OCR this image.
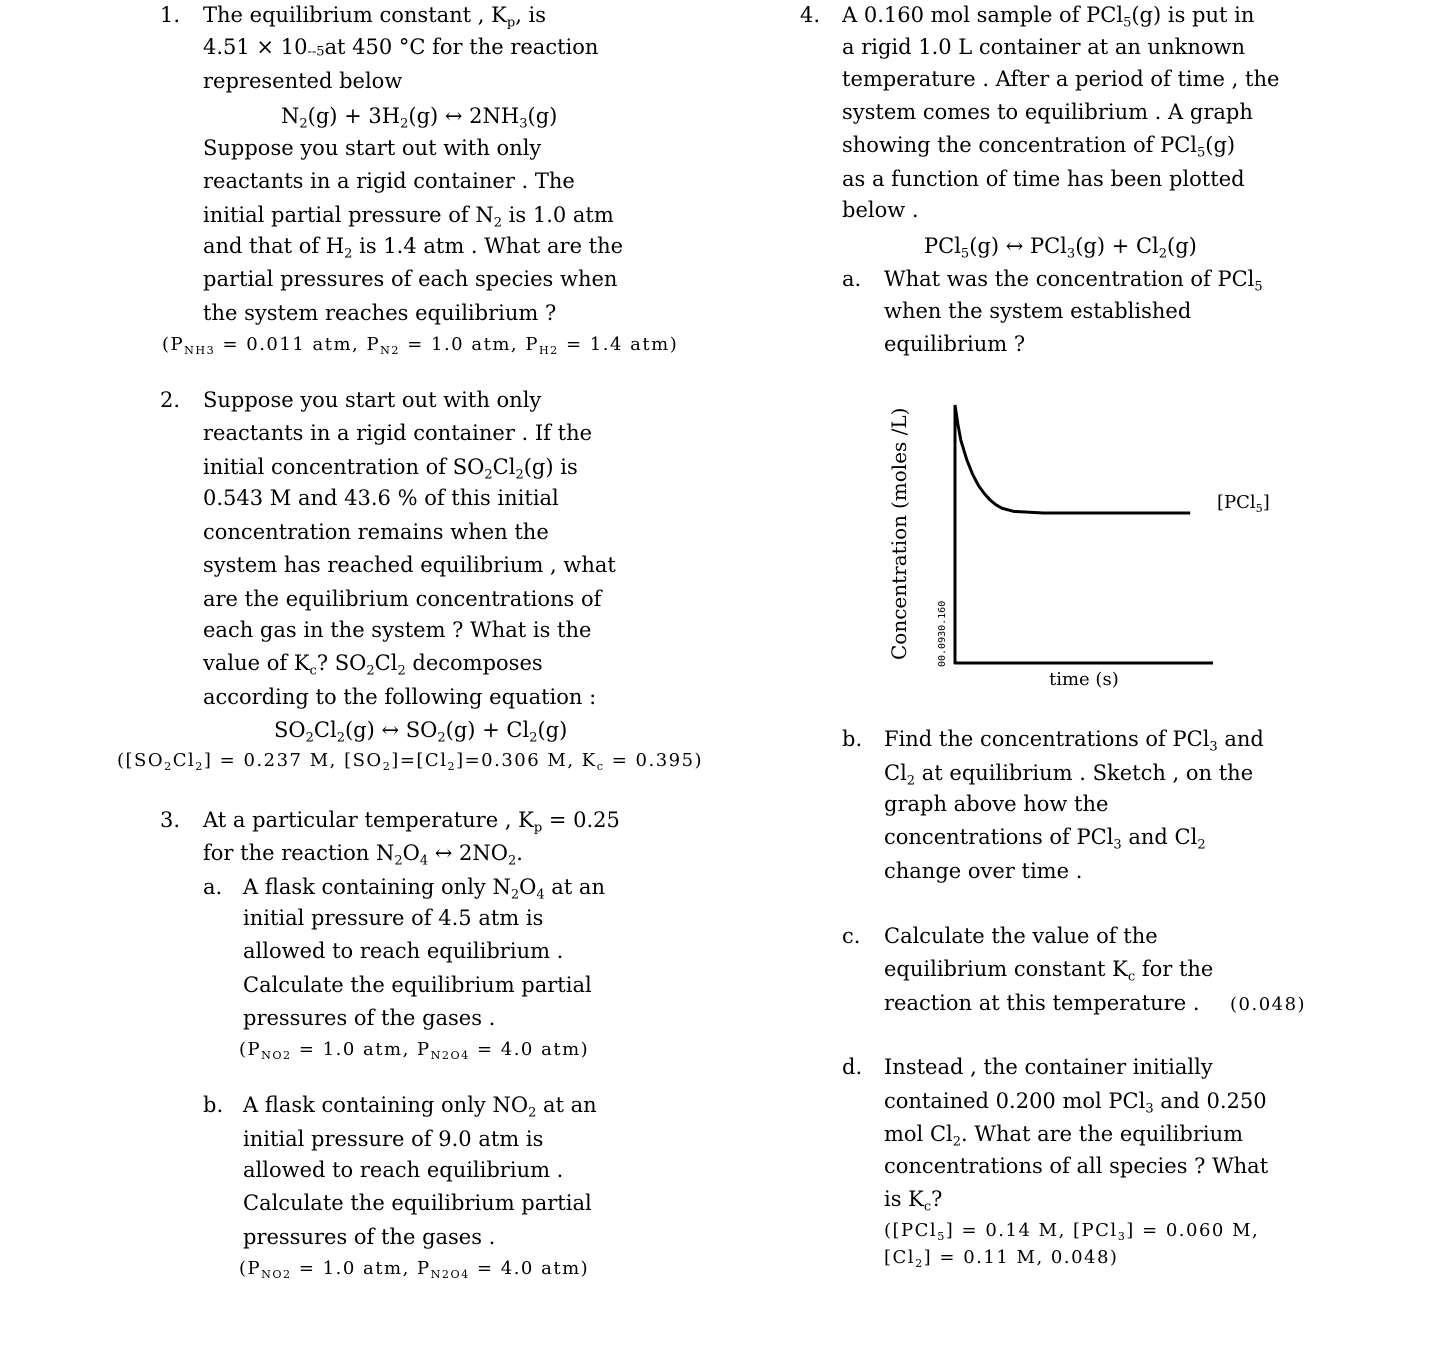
1. The equilibrium constant , $K_p$, is
4.51 × 10--5at 450 °C for the reaction
represented below
$N_2(g) + 3H_2(g)$ ↔ $2NH_3(g)$
Suppose you start out with only
reactants in a rigid container . The
initial partial pressure of $N_2$ is 1.0 atm
and that of $H_2$ is 1.4 atm . What are the
partial pressures of each species when
the system reaches equilibrium ?
($P_{NH3} = 0.011$ atm, $P_{N2} = 1.0$ atm, $P_{H2} = 1.4$ atm)
2. Suppose you start out with only
reactants in a rigid container . If the
initial concentration of $SO_2Cl_2(g)$ is
0.543 M and 43.6 % of this initial
concentration remains when the
system has reached equilibrium , what
are the equilibrium concentrations of
each gas in the system ? What is the
value of $K_c$? $SO_2Cl_2$ decomposes
according to the following equation :
$SO_2Cl_2(g)$ ↔ $SO_2(g) + Cl_2(g)$
($[SO_2Cl_2] = 0.237$ M, $[SO_2]=[Cl_2]=0.306$ M, $K_c = 0.395$)
3. At a particular temperature , $K_p = 0.25$
for the reaction $N_2O_4$ ↔ $2NO_2$.
a. A flask containing only $N_2O_4$ at an
initial pressure of 4.5 atm is
allowed to reach equilibrium .
Calculate the equilibrium partial
pressures of the gases .
($P_{NO2} = 1.0$ atm, $P_{N2O4} = 4.0$ atm)
b. A flask containing only $NO_2$ at an
initial pressure of 9.0 atm is
allowed to reach equilibrium .
Calculate the equilibrium partial
pressures of the gases .
($P_{NO2} = 1.0$ atm, $P_{N2O4} = 4.0$ atm)
4. A 0.160 mol sample of PCl$_5$(g) is put in
a rigid 1.0 L container at an unknown
temperature . After a period of time , the
system comes to equilibrium . A graph
showing the concentration of PCl$_5$(g)
as a function of time has been plotted
below .
PCl$_5$(g) ↔ $PCl_3(g) + Cl_2(g)$
a. What was the concentration of PCl$_5$
when the system established
equilibrium ?
Concentration
(moles /L)
00.0930.160
time (s)
[PCl$_5$]
b. Find the concentrations of PCl$_3$ and
$Cl_2$ at equilibrium . Sketch , on the
graph above how the
concentrations of PCl$_3$ and $Cl_2$
change over time .
c. Calculate the value of the
equilibrium constant $K_c$ for the
reaction at this temperature . (0.048)
d. Instead , the container initially
contained 0.200 mol PCl$_3$ and 0.250
mol $Cl_2$. What are the equilibrium
concentrations of all species ? What
is $K_c$?
([PCl$_5$] = 0.14 M, [PCl$_3$] = 0.060 M,
$[Cl_2] = 0.11$ M, 0.048)
